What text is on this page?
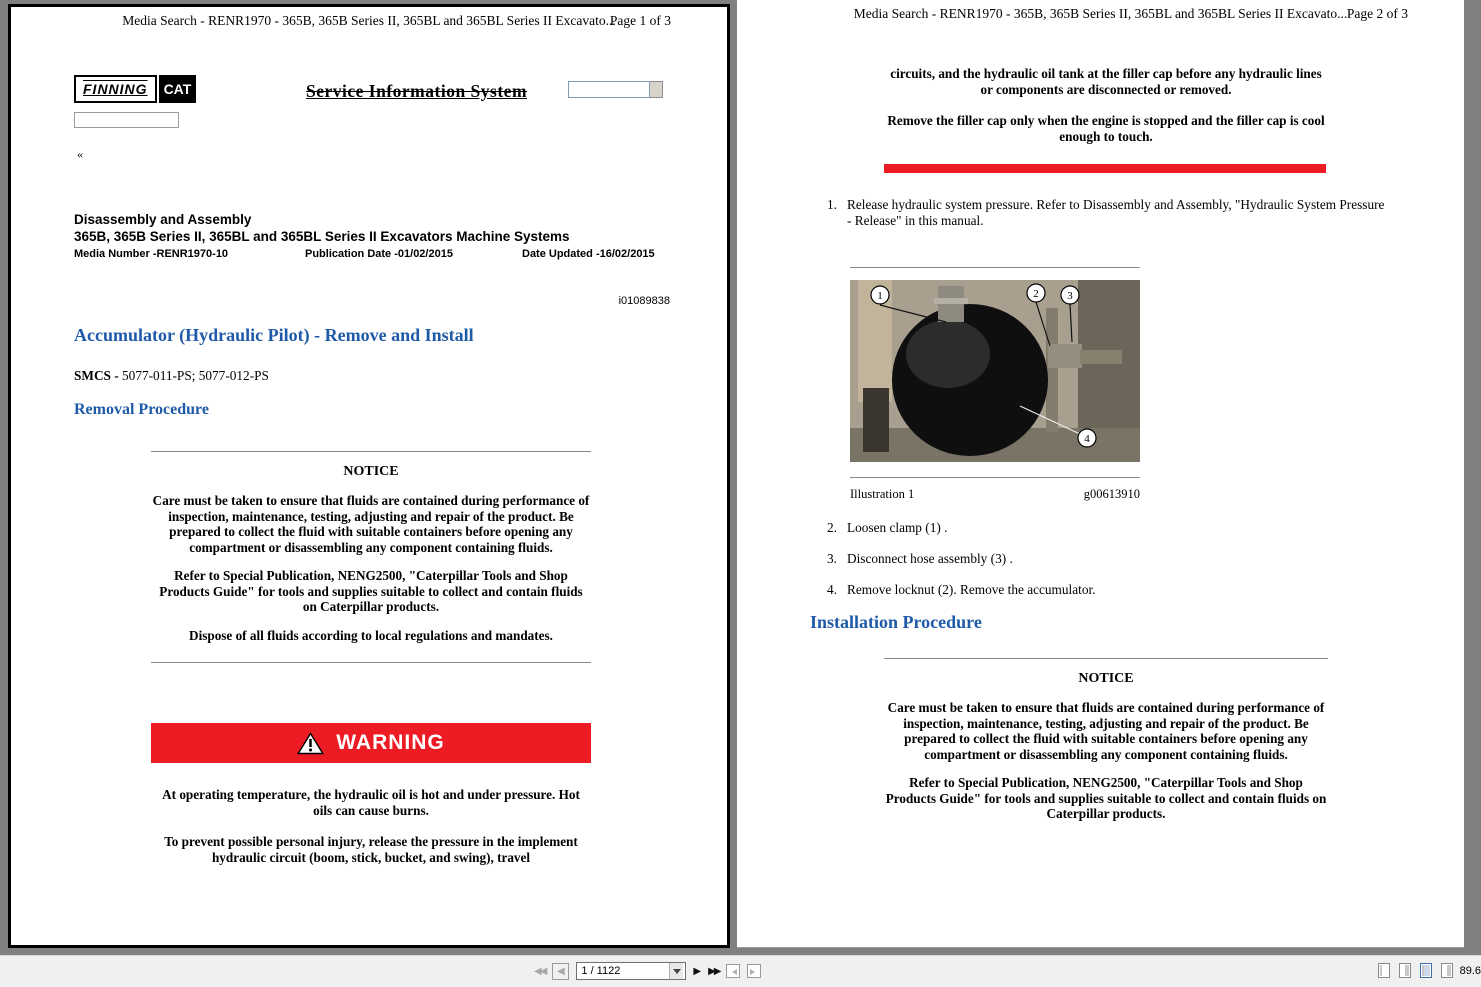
Media Search - RENR1970 - 365B, 365B Series II, 365BL and 365BL Series II Excavato...
Page 1 of 3
FINNING	CAT	Service Information System
«
Disassembly and Assembly
365B, 365B Series II, 365BL and 365BL Series II Excavators Machine Systems
Media Number -RENR1970-10	Publication Date -01/02/2015	Date Updated -16/02/2015
i01089838
Accumulator (Hydraulic Pilot) - Remove and Install
SMCS - 5077-011-PS; 5077-012-PS
Removal Procedure
NOTICE
Care must be taken to ensure that fluids are contained during performance of inspection, maintenance, testing, adjusting and repair of the product. Be prepared to collect the fluid with suitable containers before opening any compartment or disassembling any component containing fluids.
Refer to Special Publication, NENG2500, "Caterpillar Tools and Shop Products Guide" for tools and supplies suitable to collect and contain fluids on Caterpillar products.
Dispose of all fluids according to local regulations and mandates.
WARNING
At operating temperature, the hydraulic oil is hot and under pressure. Hot oils can cause burns.
To prevent possible personal injury, release the pressure in the implement hydraulic circuit (boom, stick, bucket, and swing), travel
Media Search - RENR1970 - 365B, 365B Series II, 365BL and 365BL Series II Excavato... Page 2 of 3
circuits, and the hydraulic oil tank at the filler cap before any hydraulic lines or components are disconnected or removed.
Remove the filler cap only when the engine is stopped and the filler cap is cool enough to touch.
1. Release hydraulic system pressure. Refer to Disassembly and Assembly, "Hydraulic System Pressure - Release" in this manual.
1	2	3
4
Illustration 1	g00613910
2. Loosen clamp (1) .
3. Disconnect hose assembly (3) .
4. Remove locknut (2). Remove the accumulator.
Installation Procedure
NOTICE
Care must be taken to ensure that fluids are contained during performance of inspection, maintenance, testing, adjusting and repair of the product. Be prepared to collect the fluid with suitable containers before opening any compartment or disassembling any component containing fluids.
Refer to Special Publication, NENG2500, "Caterpillar Tools and Shop Products Guide" for tools and supplies suitable to collect and contain fluids on Caterpillar products.
◀◀ ◀
1 / 1122	▶ ▶▶	89.6
